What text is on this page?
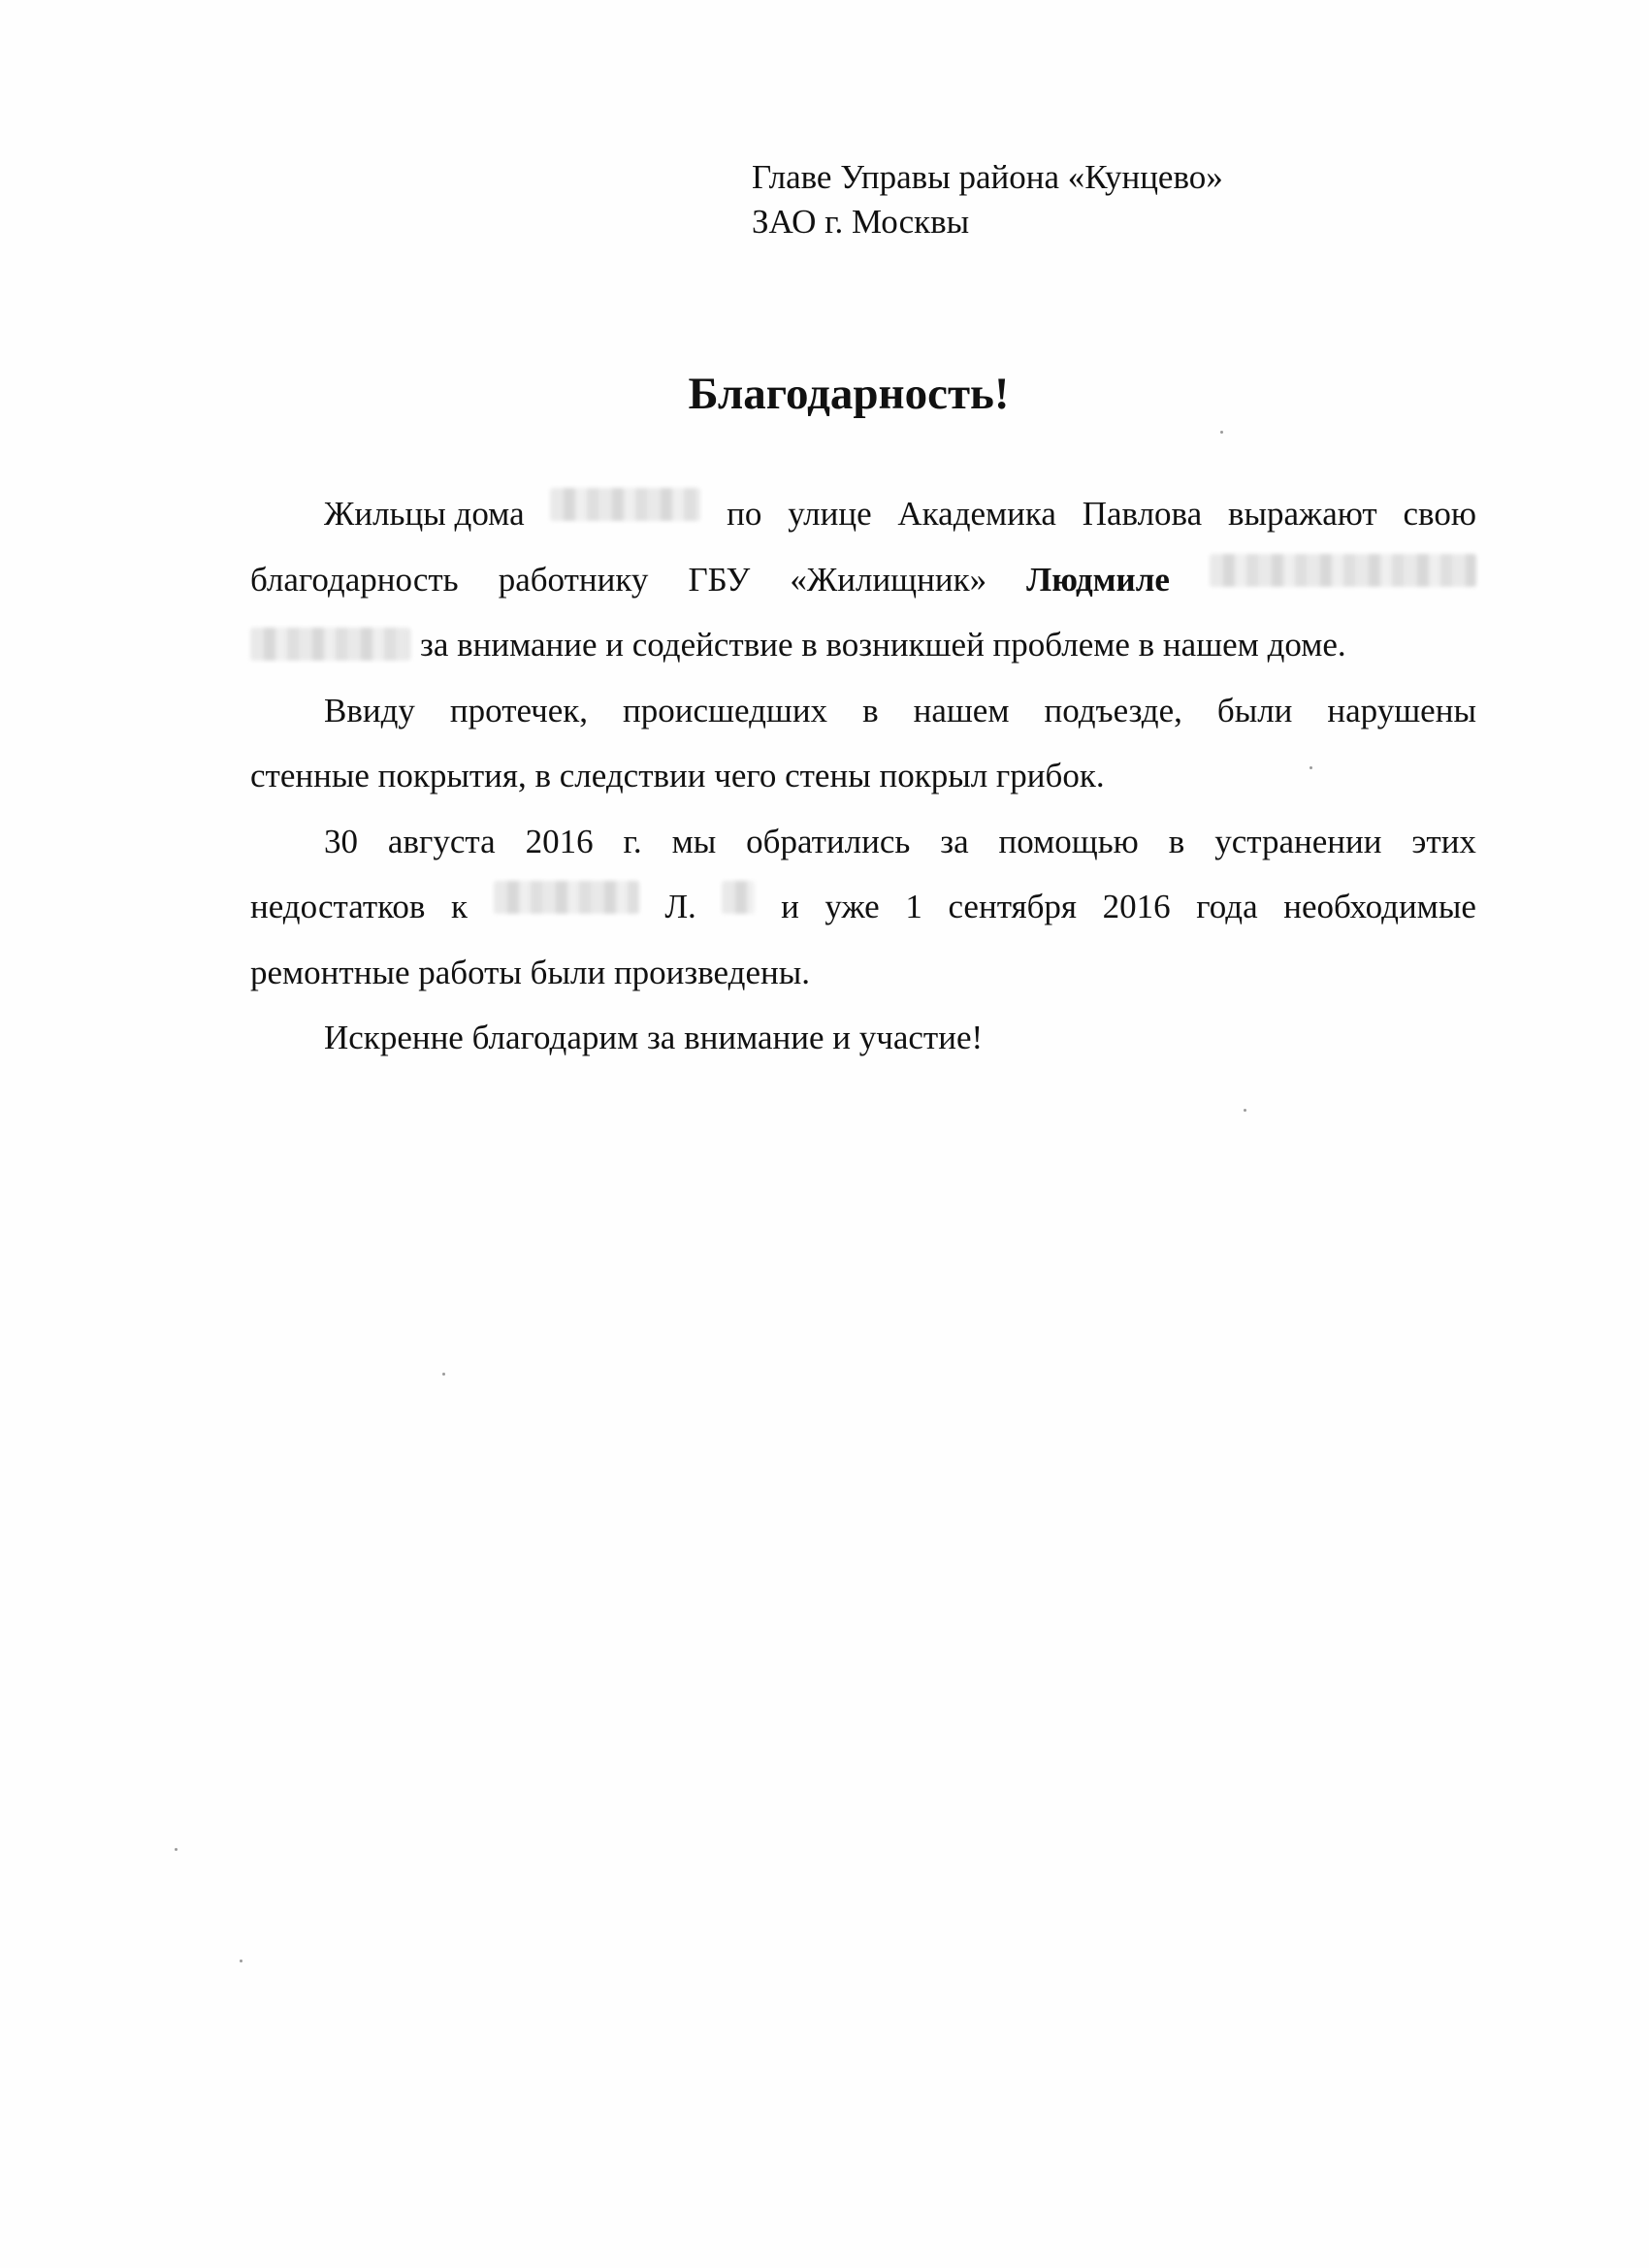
Главе Управы района «Кунцево»
ЗАО г. Москвы
Благодарность!
Жильцы дома	по улице Академика Павлова выражают свою
благодарность работнику ГБУ «Жилищник» Людмиле
за внимание и содействие в возникшей проблеме в нашем доме.
Ввиду протечек, происшедших в нашем подъезде, были нарушены
стенные покрытия, в следствии чего стены покрыл грибок.
30 августа 2016 г. мы обратились за помощью в устранении этих
недостатков к	Л. и уже 1 сентября 2016 года необходимые
ремонтные работы были произведены.
Искренне благодарим за внимание и участие!
